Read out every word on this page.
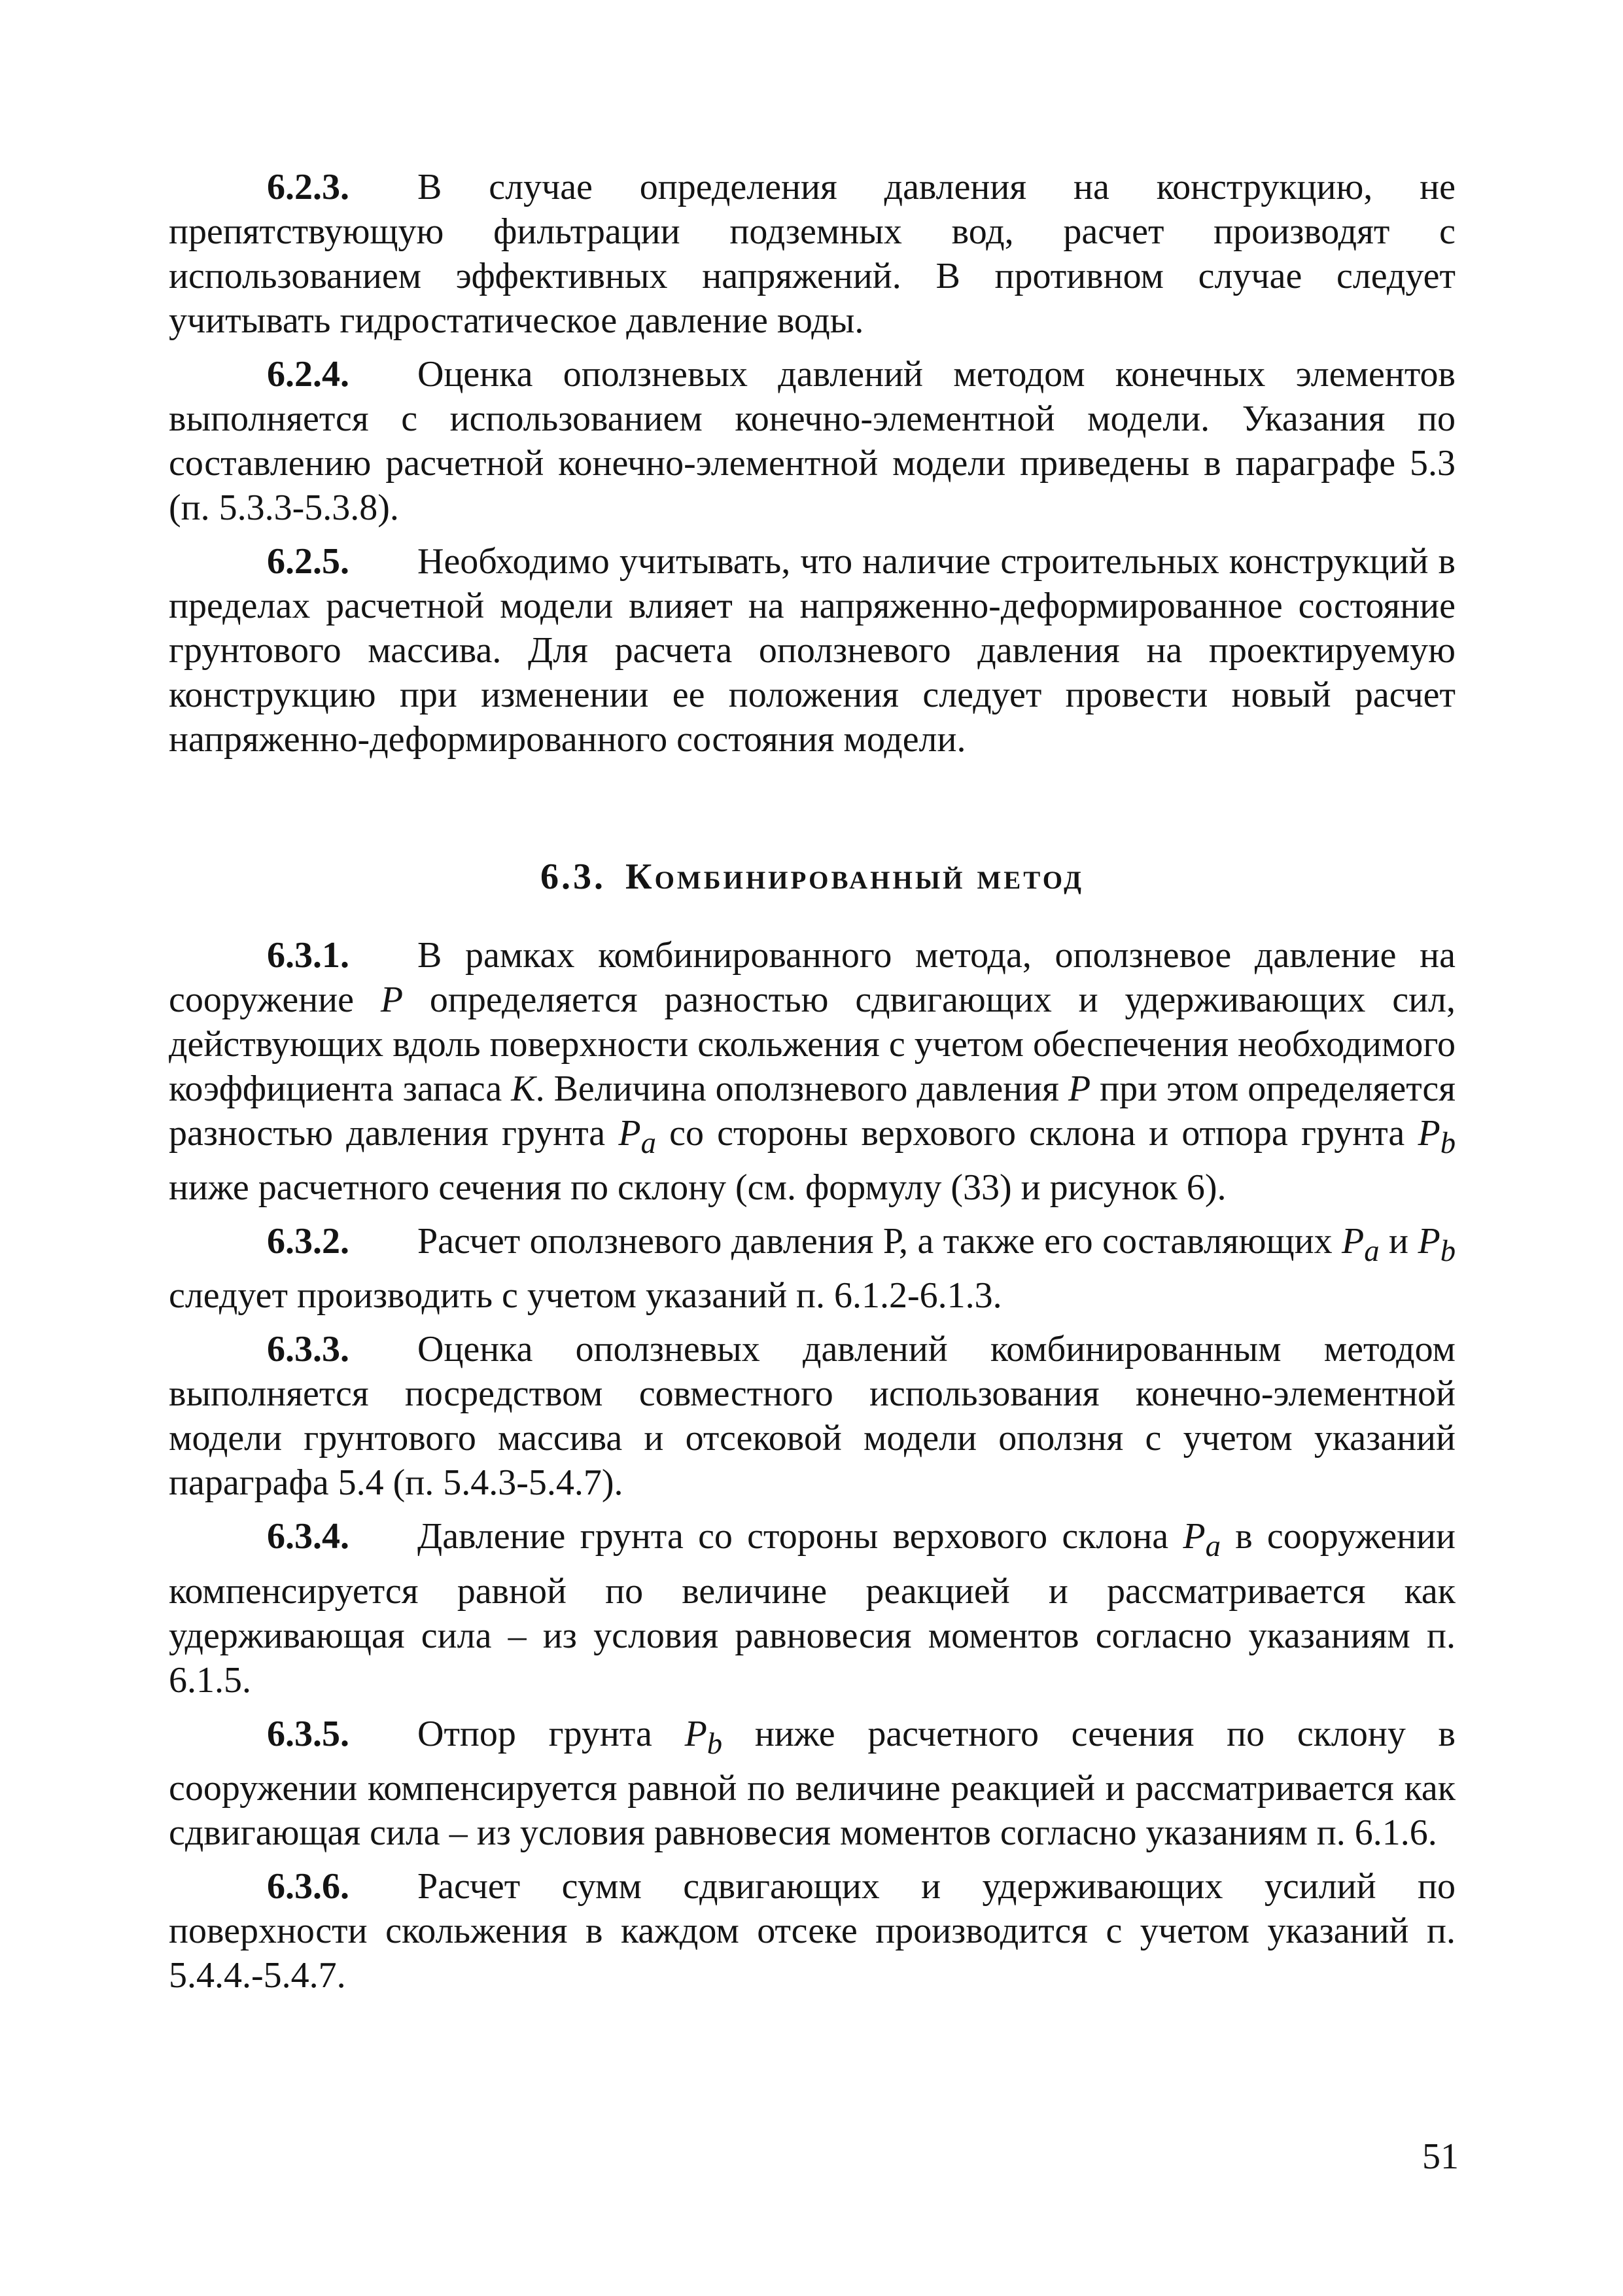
6.2.3. В случае определения давления на конструкцию, не препятствующую фильтрации подземных вод, расчет производят с использованием эффективных напряжений. В противном случае следует учитывать гидростатическое давление воды.

6.2.4. Оценка оползневых давлений методом конечных элементов выполняется с использованием конечно-элементной модели. Указания по составлению расчетной конечно-элементной модели приведены в параграфе 5.3 (п. 5.3.3-5.3.8).

6.2.5. Необходимо учитывать, что наличие строительных конструкций в пределах расчетной модели влияет на напряженно-деформированное состояние грунтового массива. Для расчета оползневого давления на проектируемую конструкцию при изменении ее положения следует провести новый расчет напряженно-деформированного состояния модели.

6.3. Комбинированный метод

6.3.1. В рамках комбинированного метода, оползневое давление на сооружение P определяется разностью сдвигающих и удерживающих сил, действующих вдоль поверхности скольжения с учетом обеспечения необходимого коэффициента запаса K. Величина оползневого давления P при этом определяется разностью давления грунта $P_a$ со стороны верхового склона и отпора грунта $P_b$ ниже расчетного сечения по склону (см. формулу (33) и рисунок 6).

6.3.2. Расчет оползневого давления Р, а также его составляющих $P_a$ и $P_b$ следует производить с учетом указаний п. 6.1.2-6.1.3.

6.3.3. Оценка оползневых давлений комбинированным методом выполняется посредством совместного использования конечно-элементной модели грунтового массива и отсековой модели оползня с учетом указаний параграфа 5.4 (п. 5.4.3-5.4.7).

6.3.4. Давление грунта со стороны верхового склона $P_a$ в сооружении компенсируется равной по величине реакцией и рассматривается как удерживающая сила – из условия равновесия моментов согласно указаниям п. 6.1.5.

6.3.5. Отпор грунта $P_b$ ниже расчетного сечения по склону в сооружении компенсируется равной по величине реакцией и рассматривается как сдвигающая сила – из условия равновесия моментов согласно указаниям п. 6.1.6.

6.3.6. Расчет сумм сдвигающих и удерживающих усилий по поверхности скольжения в каждом отсеке производится с учетом указаний п. 5.4.4.-5.4.7.

51
